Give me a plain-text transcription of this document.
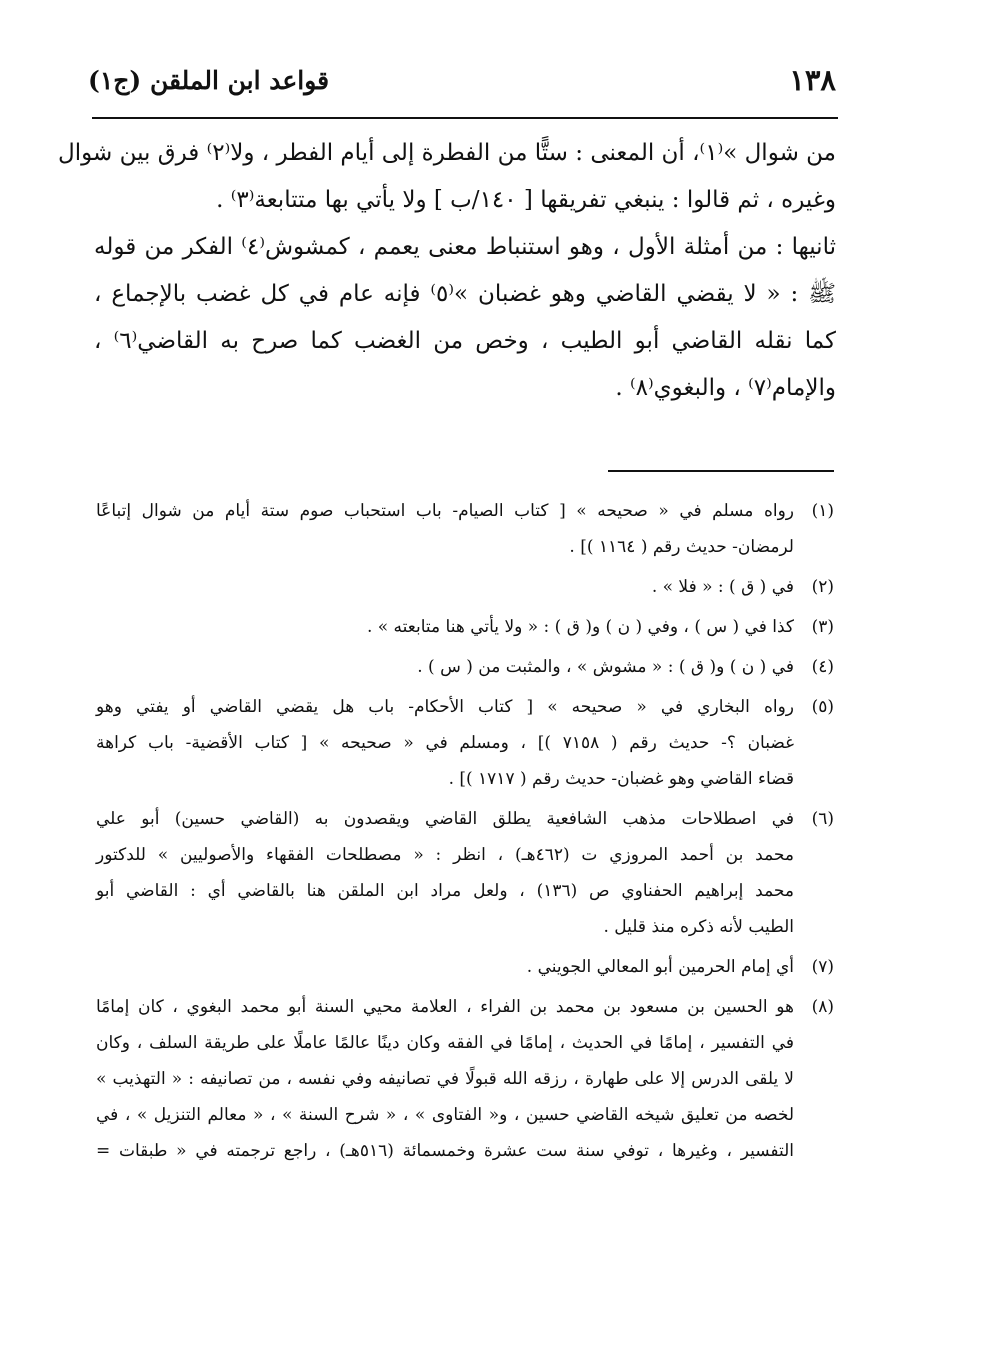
١٣٨
قواعد ابن الملقن (ج١)
من شوال »⁽١⁾، أن المعنى : ستًّا من الفطرة إلى أيام الفطر ، ولا⁽٢⁾ فرق بين شوال
وغيره ، ثم قالوا : ينبغي تفريقها [ ١٤٠/ب ] ولا يأتي بها متتابعة⁽٣⁾ .
ثانيها : من أمثلة الأول ، وهو استنباط معنى يعمم ، كمشوش⁽٤⁾ الفكر من قوله
ﷺ : « لا يقضي القاضي وهو غضبان »⁽٥⁾ فإنه عام في كل غضب بالإجماع ،
كما نقله القاضي أبو الطيب ، وخص من الغضب كما صرح به القاضي⁽٦⁾ ،
والإمام⁽٧⁾ ، والبغوي⁽٨⁾ .
(١)
رواه مسلم في « صحيحه » [ كتاب الصيام- باب استحباب صوم ستة أيام من شوال إتباعًا
لرمضان- حديث رقم ( ١١٦٤ )] .
(٢)
في ( ق ) : « فلا » .
(٣)
كذا في ( س ) ، وفي ( ن ) و( ق ) : « ولا يأتي هنا متابعته » .
(٤)
في ( ن ) و( ق ) : « مشوش » ، والمثبت من ( س ) .
(٥)
رواه البخاري في « صحيحه » [ كتاب الأحكام- باب هل يقضي القاضي أو يفتي وهو
غضبان ؟- حديث رقم ( ٧١٥٨ )] ، ومسلم في « صحيحه » [ كتاب الأقضية- باب كراهة
قضاء القاضي وهو غضبان- حديث رقم ( ١٧١٧ )] .
(٦)
في اصطلاحات مذهب الشافعية يطلق القاضي ويقصدون به (القاضي حسين) أبو علي
محمد بن أحمد المروزي ت (٤٦٢هـ) ، انظر : « مصطلحات الفقهاء والأصوليين » للدكتور
محمد إبراهيم الحفناوي ص (١٣٦) ، ولعل مراد ابن الملقن هنا بالقاضي أي : القاضي أبو
الطيب لأنه ذكره منذ قليل .
(٧)
أي إمام الحرمين أبو المعالي الجويني .
(٨)
هو الحسين بن مسعود بن محمد بن الفراء ، العلامة محيي السنة أبو محمد البغوي ، كان إمامًا
في التفسير ، إمامًا في الحديث ، إمامًا في الفقه وكان دينًا عالمًا عاملًا على طريقة السلف ، وكان
لا يلقى الدرس إلا على طهارة ، رزقه الله قبولًا في تصانيفه وفي نفسه ، من تصانيفه : « التهذيب »
لخصه من تعليق شيخه القاضي حسين ، و« الفتاوى » ، « شرح السنة » ، « معالم التنزيل » ، في
التفسير ، وغيرها ، توفي سنة ست عشرة وخمسمائة (٥١٦هـ) ، راجع ترجمته في « طبقات =
